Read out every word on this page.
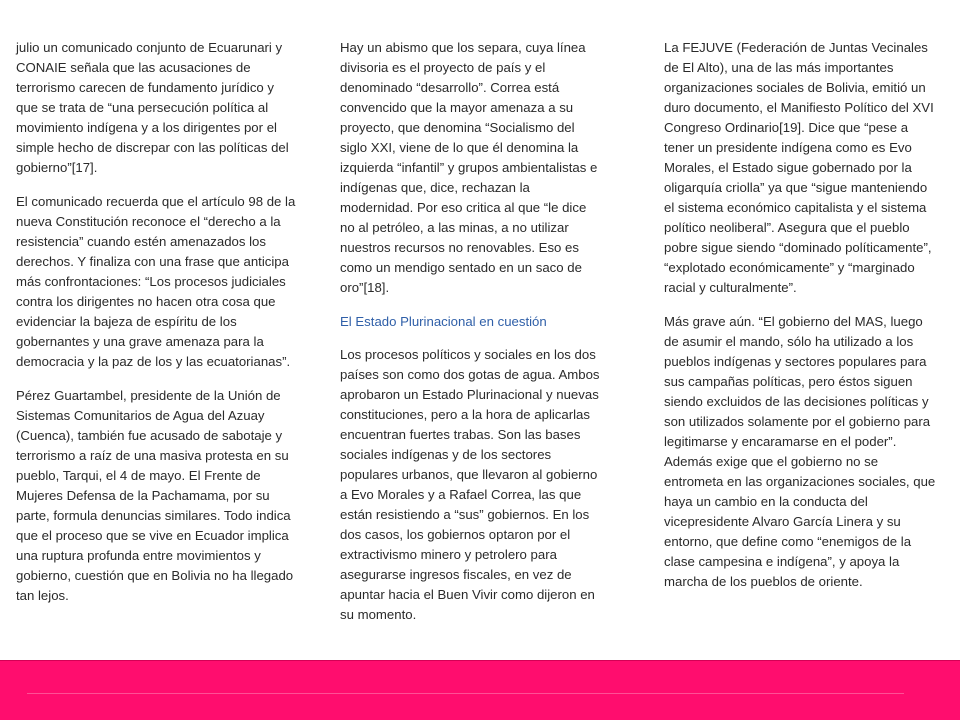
julio un comunicado conjunto de Ecuarunari y CONAIE señala que las acusaciones de terrorismo carecen de fundamento jurídico y que se trata de “una persecución política al movimiento indígena y a los dirigentes por el simple hecho de discrepar con las políticas del gobierno”[17].

El comunicado recuerda que el artículo 98 de la nueva Constitución reconoce el “derecho a la resistencia” cuando estén amenazados los derechos. Y finaliza con una frase que anticipa más confrontaciones: “Los procesos judiciales contra los dirigentes no hacen otra cosa que evidenciar la bajeza de espíritu de los gobernantes y una grave amenaza para la democracia y la paz de los y las ecuatorianas”.

Pérez Guartambel, presidente de la Unión de Sistemas Comunitarios de Agua del Azuay (Cuenca), también fue acusado de sabotaje y terrorismo a raíz de una masiva protesta en su pueblo, Tarqui, el 4 de mayo. El Frente de Mujeres Defensa de la Pachamama, por su parte, formula denuncias similares. Todo indica que el proceso que se vive en Ecuador implica una ruptura profunda entre movimientos y gobierno, cuestión que en Bolivia no ha llegado tan lejos.

Hay un abismo que los separa, cuya línea divisoria es el proyecto de país y el denominado “desarrollo”. Correa está convencido que la mayor amenaza a su proyecto, que denomina “Socialismo del siglo XXI, viene de lo que él denomina la izquierda “infantil” y grupos ambientalistas e indígenas que, dice, rechazan la modernidad. Por eso critica al que “le dice no al petróleo, a las minas, a no utilizar nuestros recursos no renovables. Eso es como un mendigo sentado en un saco de oro”[18].

El Estado Plurinacional en cuestión

Los procesos políticos y sociales en los dos países son como dos gotas de agua. Ambos aprobaron un Estado Plurinacional y nuevas constituciones, pero a la hora de aplicarlas encuentran fuertes trabas. Son las bases sociales indígenas y de los sectores populares urbanos, que llevaron al gobierno a Evo Morales y a Rafael Correa, las que están resistiendo a “sus” gobiernos. En los dos casos, los gobiernos optaron por el extractivismo minero y petrolero para asegurarse ingresos fiscales, en vez de apuntar hacia el Buen Vivir como dijeron en su momento.

La FEJUVE (Federación de Juntas Vecinales de El Alto), una de las más importantes organizaciones sociales de Bolivia, emitió un duro documento, el Manifiesto Político del XVI Congreso Ordinario[19]. Dice que “pese a tener un presidente indígena como es Evo Morales, el Estado sigue gobernado por la oligarquía criolla” ya que “sigue manteniendo el sistema económico capitalista y el sistema político neoliberal”. Asegura que el pueblo pobre sigue siendo “dominado políticamente”, “explotado económicamente” y “marginado racial y culturalmente”.

Más grave aún. “El gobierno del MAS, luego de asumir el mando, sólo ha utilizado a los pueblos indígenas y sectores populares para sus campañas políticas, pero éstos siguen siendo excluidos de las decisiones políticas y son utilizados solamente por el gobierno para legitimarse y encaramarse en el poder”. Además exige que el gobierno no se entrometa en las organizaciones sociales, que haya un cambio en la conducta del vicepresidente Alvaro García Linera y su entorno, que define como “enemigos de la clase campesina e indígena”, y apoya la marcha de los pueblos de oriente.
